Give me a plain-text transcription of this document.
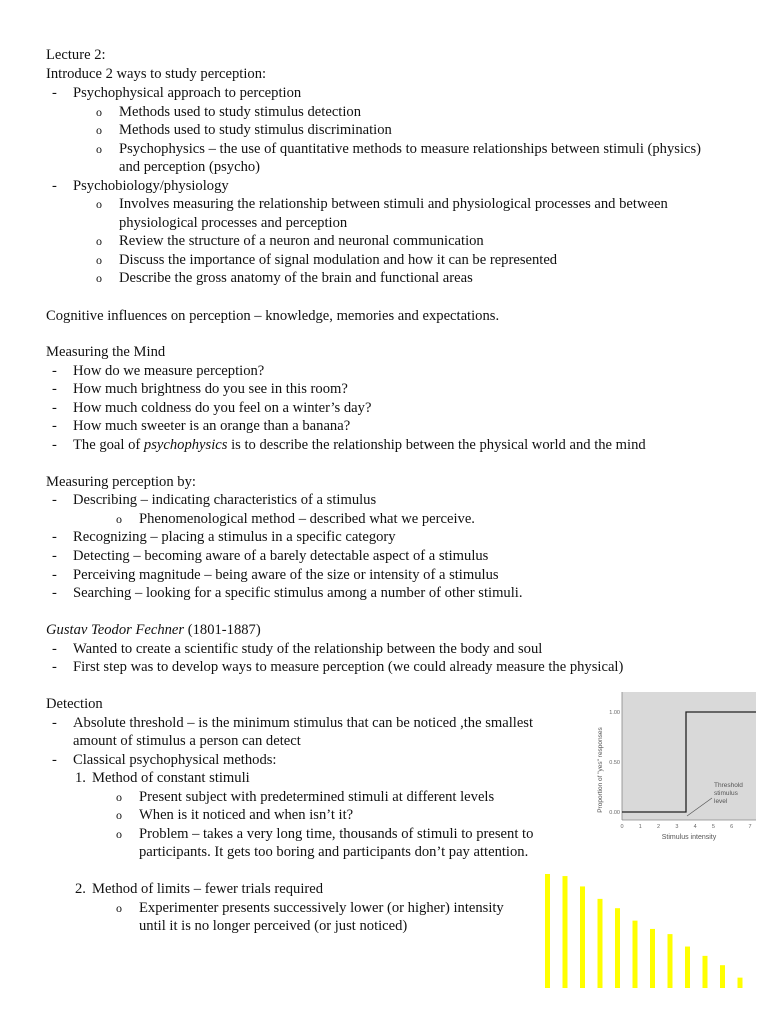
Lecture 2:
Introduce 2 ways to study perception:
- Psychophysical approach to perception
o Methods used to study stimulus detection
o Methods used to study stimulus discrimination
o Psychophysics – the use of quantitative methods to measure relationships between stimuli (physics)
and perception (psycho)
- Psychobiology/physiology
o Involves measuring the relationship between stimuli and physiological processes and between
physiological processes and perception
o Review the structure of a neuron and neuronal communication
o Discuss the importance of signal modulation and how it can be represented
o Describe the gross anatomy of the brain and functional areas
Cognitive influences on perception – knowledge, memories and expectations.
Measuring the Mind
- How do we measure perception?
- How much brightness do you see in this room?
- How much coldness do you feel on a winter’s day?
- How much sweeter is an orange than a banana?
- The goal of psychophysics is to describe the relationship between the physical world and the mind
Measuring perception by:
- Describing – indicating characteristics of a stimulus
o Phenomenological method – described what we perceive.
- Recognizing – placing a stimulus in a specific category
- Detecting – becoming aware of a barely detectable aspect of a stimulus
- Perceiving magnitude – being aware of the size or intensity of a stimulus
- Searching – looking for a specific stimulus among a number of other stimuli.
Gustav Teodor Fechner (1801-1887)
- Wanted to create a scientific study of the relationship between the body and soul
- First step was to develop ways to measure perception (we could already measure the physical)
Detection
- Absolute threshold – is the minimum stimulus that can be noticed ,the smallest
amount of stimulus a person can detect
- Classical psychophysical methods:
1. Method of constant stimuli
o Present subject with predetermined stimuli at different levels
o When is it noticed and when isn’t it?
o Problem – takes a very long time, thousands of stimuli to present to
participants. It gets too boring and participants don’t pay attention.
2. Method of limits – fewer trials required
o Experimenter presents successively lower (or higher) intensity
until it is no longer perceived (or just noticed)
Proportion of "yes" responses
Stimulus intensity
0.00
0.50
1.00
0	1	2	3	4	5	6	7
Threshold
stimulus
level
